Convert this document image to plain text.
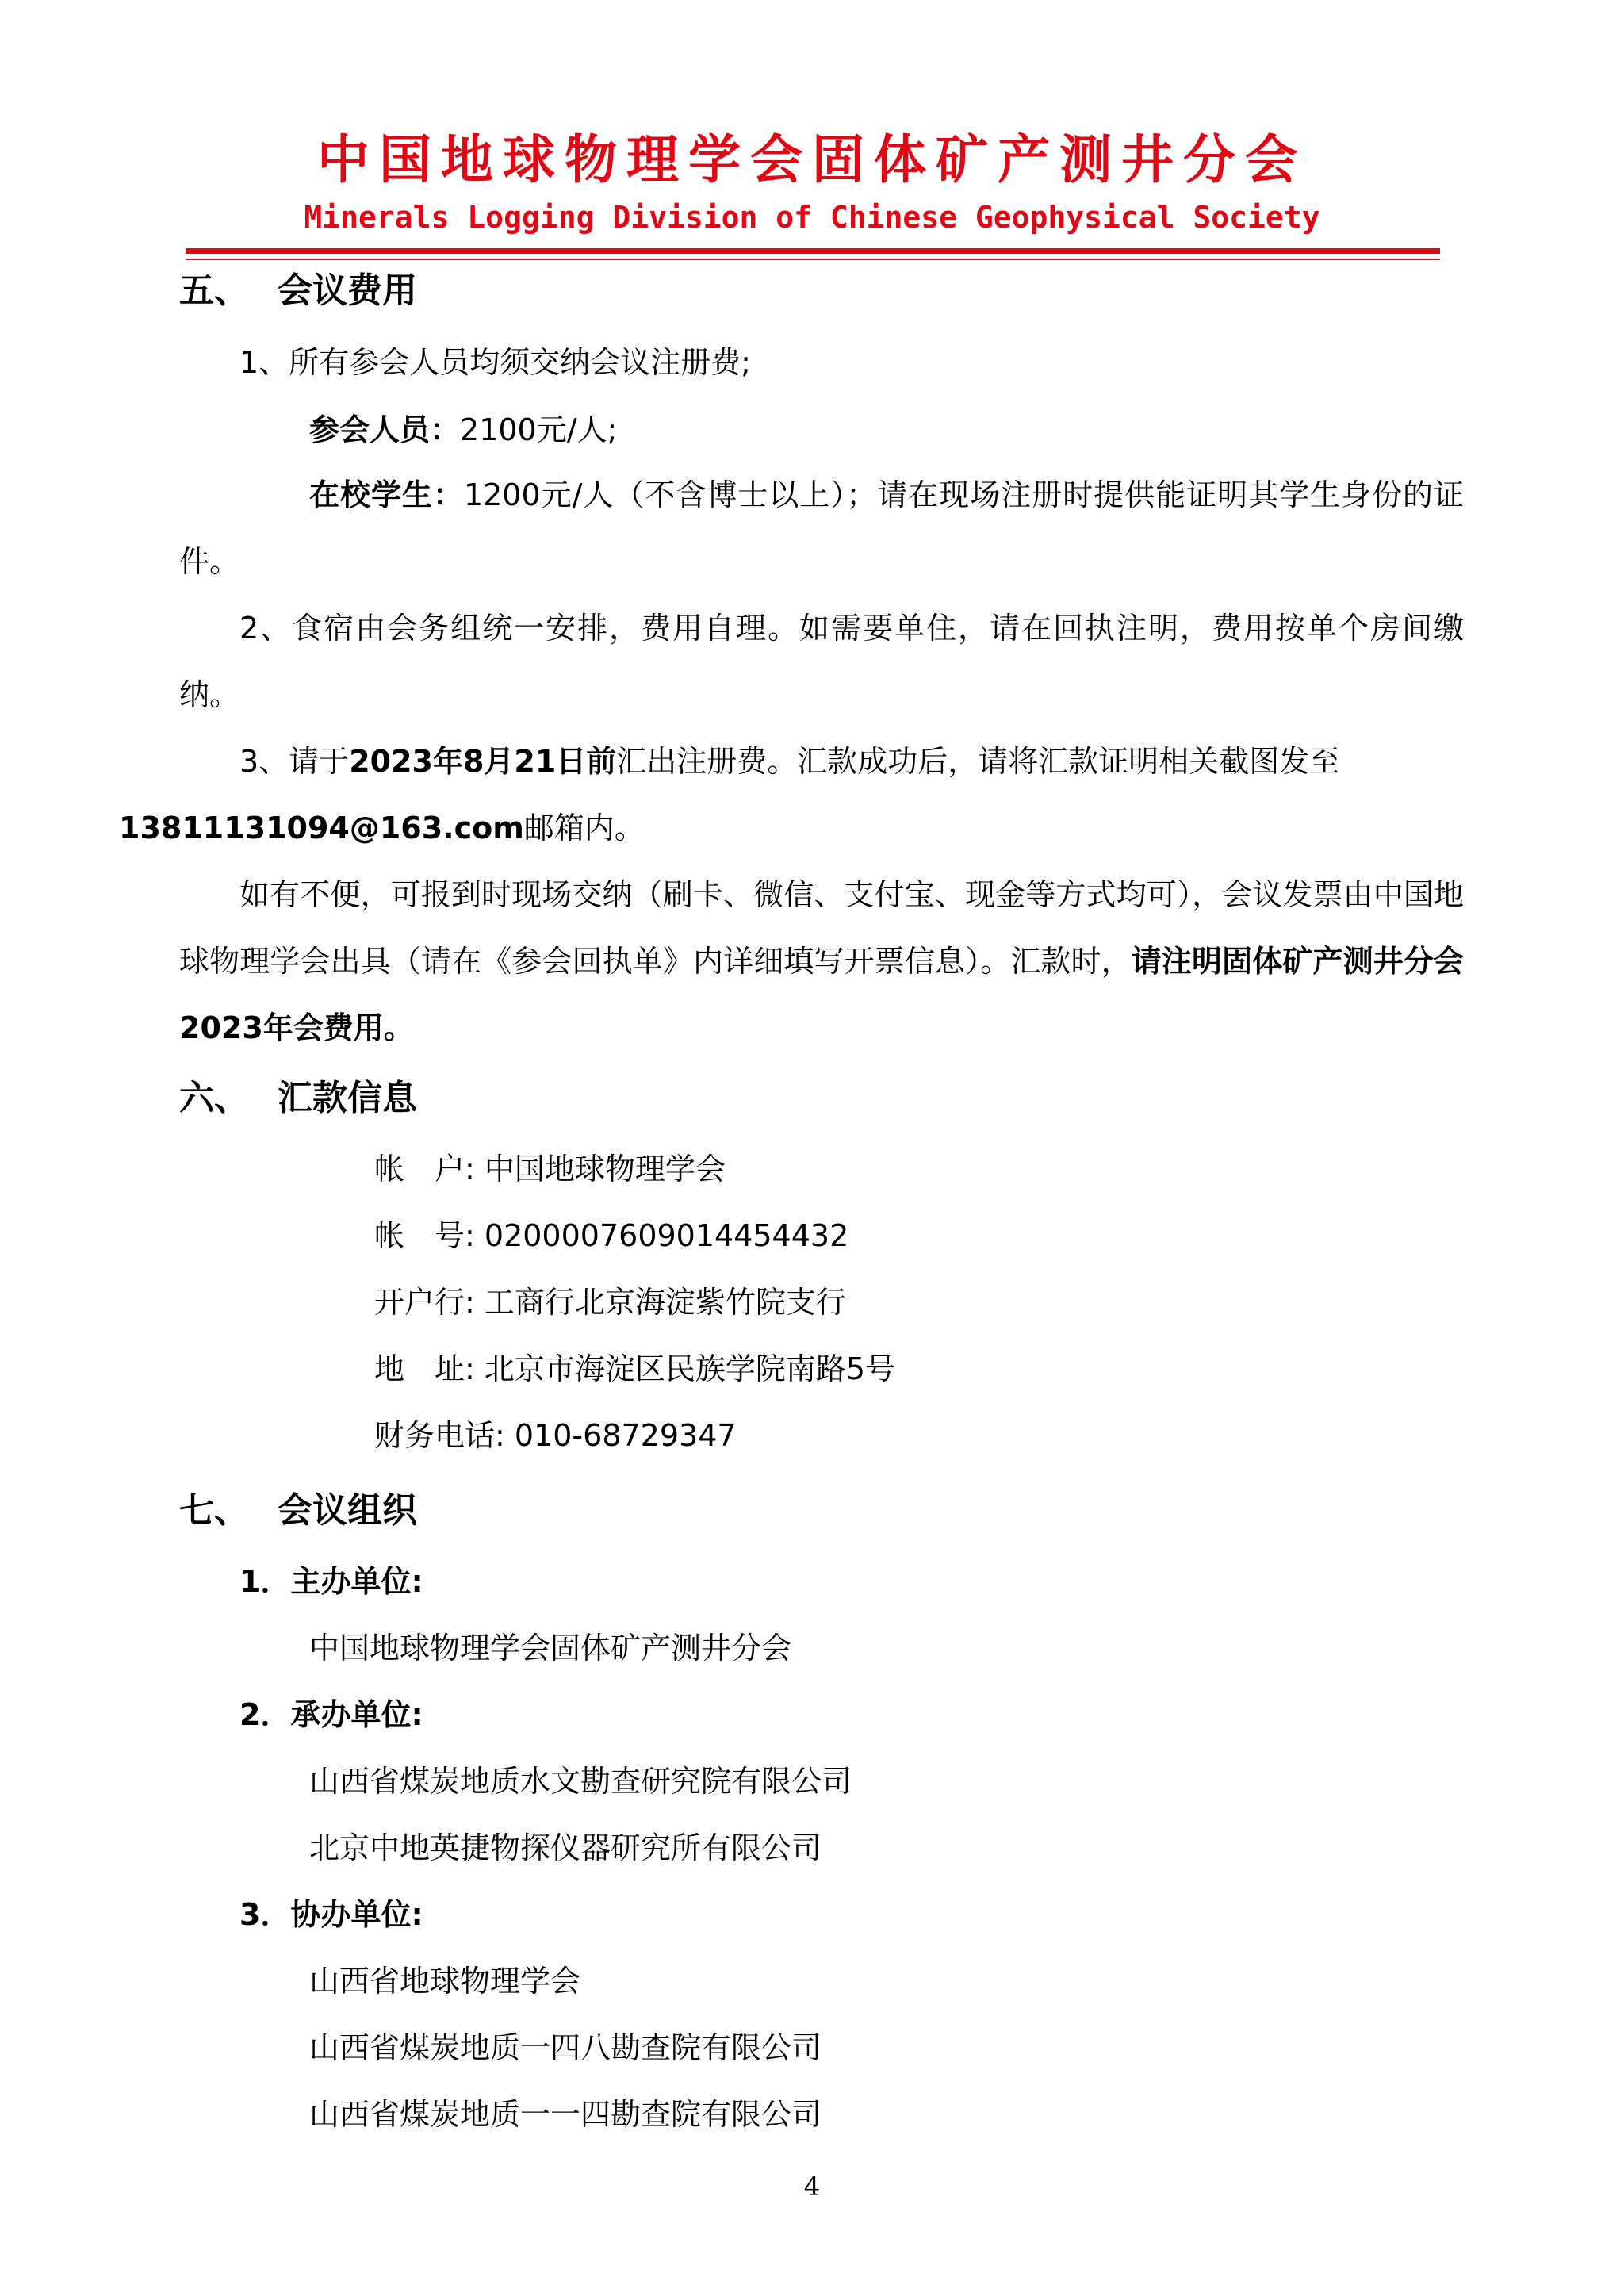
中国地球物理学会固体矿产测井分会
Minerals Logging Division of Chinese Geophysical Society
五、 会议费用
1、所有参会人员均须交纳会议注册费;
参会人员：2100元/人;

在校学生：1200元/人（不含博士以上）；请在现场注册时提供能证明其学生身份的证件。

2、食宿由会务组统一安排，费用自理。如需要单住，请在回执注明，费用按单个房间缴纳。

3、请于2023年8月21日前汇出注册费。汇款成功后，请将汇款证明相关截图发至
13811131094@163.com邮箱内。

如有不便，可报到时现场交纳（刷卡、微信、支付宝、现金等方式均可），会议发票由中国地球物理学会出具（请在《参会回执单》内详细填写开票信息）。汇款时，请注明固体矿产测井分会2023年会费用。

六、 汇款信息
帐　户: 中国地球物理学会
帐　号: 0200007609014454432
开户行: 工商行北京海淀紫竹院支行
地　址: 北京市海淀区民族学院南路5号
财务电话: 010-68729347
七、 会议组织
1．主办单位:
中国地球物理学会固体矿产测井分会
2．承办单位:
山西省煤炭地质水文勘查研究院有限公司
北京中地英捷物探仪器研究所有限公司
3．协办单位:
山西省地球物理学会
山西省煤炭地质一四八勘查院有限公司
山西省煤炭地质一一四勘查院有限公司
4
